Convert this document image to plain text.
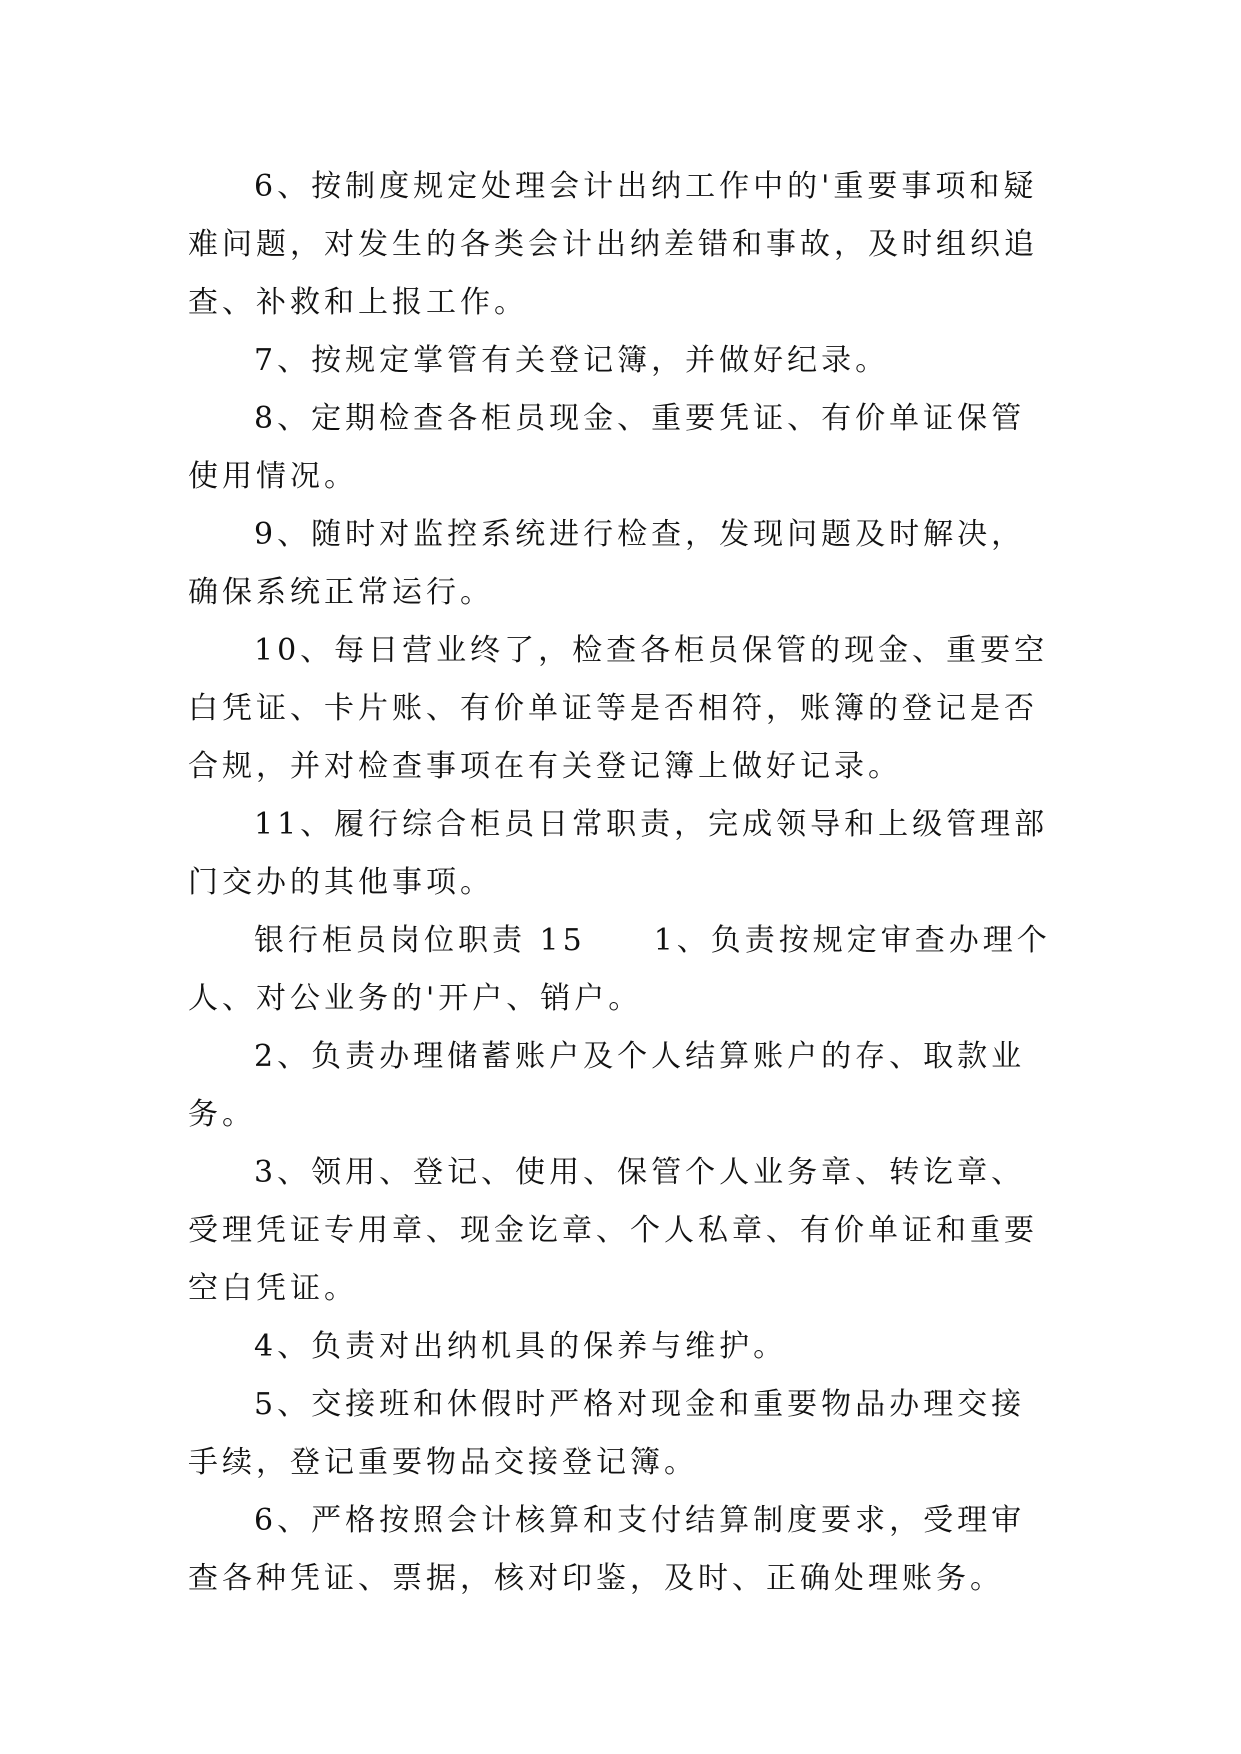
6、按制度规定处理会计出纳工作中的'重要事项和疑难问题，对发生的各类会计出纳差错和事故，及时组织追查、补救和上报工作。

7、按规定掌管有关登记簿，并做好纪录。

8、定期检查各柜员现金、重要凭证、有价单证保管使用情况。

9、随时对监控系统进行检查，发现问题及时解决，确保系统正常运行。

10、每日营业终了，检查各柜员保管的现金、重要空白凭证、卡片账、有价单证等是否相符，账簿的登记是否合规，并对检查事项在有关登记簿上做好记录。

11、履行综合柜员日常职责，完成领导和上级管理部门交办的其他事项。

银行柜员岗位职责 15　　1、负责按规定审查办理个人、对公业务的'开户、销户。

2、负责办理储蓄账户及个人结算账户的存、取款业务。

3、领用、登记、使用、保管个人业务章、转讫章、受理凭证专用章、现金讫章、个人私章、有价单证和重要空白凭证。

4、负责对出纳机具的保养与维护。

5、交接班和休假时严格对现金和重要物品办理交接手续，登记重要物品交接登记簿。

6、严格按照会计核算和支付结算制度要求，受理审查各种凭证、票据，核对印鉴，及时、正确处理账务。
